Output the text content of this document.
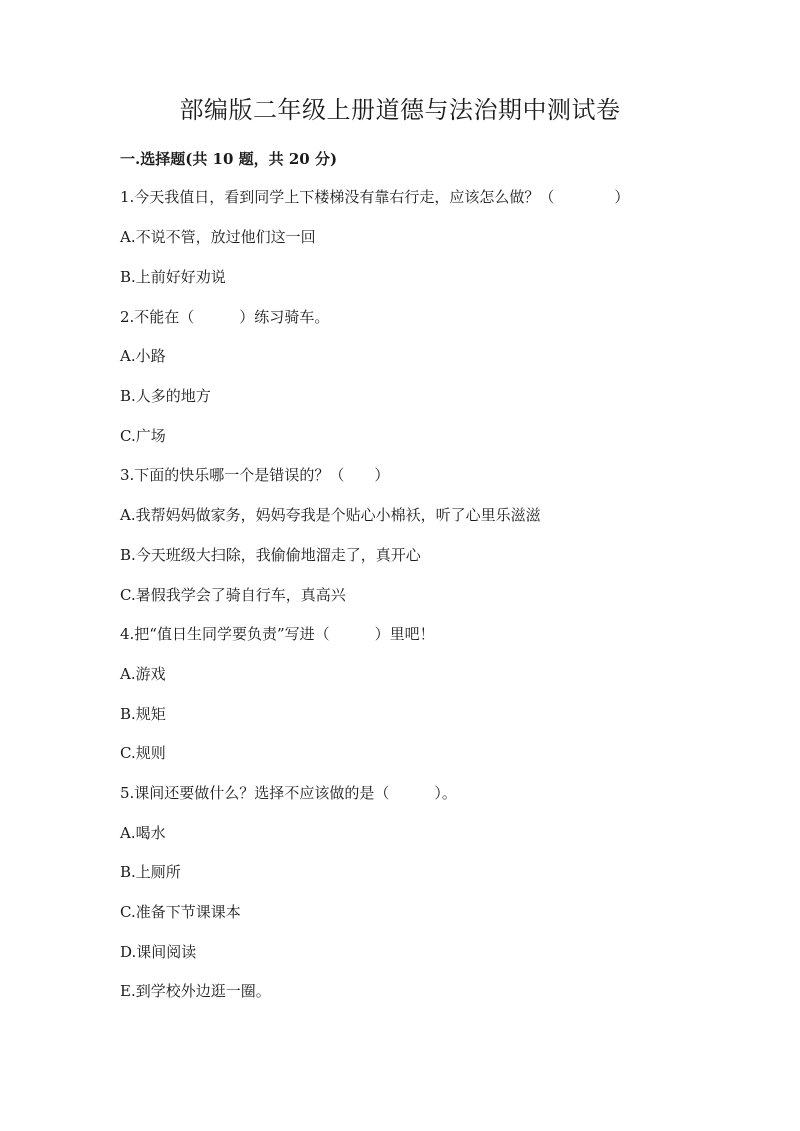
部编版二年级上册道德与法治期中测试卷
一.选择题(共 10 题，共 20 分)
1.今天我值日，看到同学上下楼梯没有靠右行走，应该怎么做？（　　　　）
A.不说不管，放过他们这一回
B.上前好好劝说
2.不能在（　　　）练习骑车。
A.小路
B.人多的地方
C.广场
3.下面的快乐哪一个是错误的？（　　）
A.我帮妈妈做家务，妈妈夸我是个贴心小棉袄，听了心里乐滋滋
B.今天班级大扫除，我偷偷地溜走了，真开心
C.暑假我学会了骑自行车，真高兴
4.把“值日生同学要负责”写进（　　　）里吧！
A.游戏
B.规矩
C.规则
5.课间还要做什么？选择不应该做的是（　　　）。
A.喝水
B.上厕所
C.准备下节课课本
D.课间阅读
E.到学校外边逛一圈。
